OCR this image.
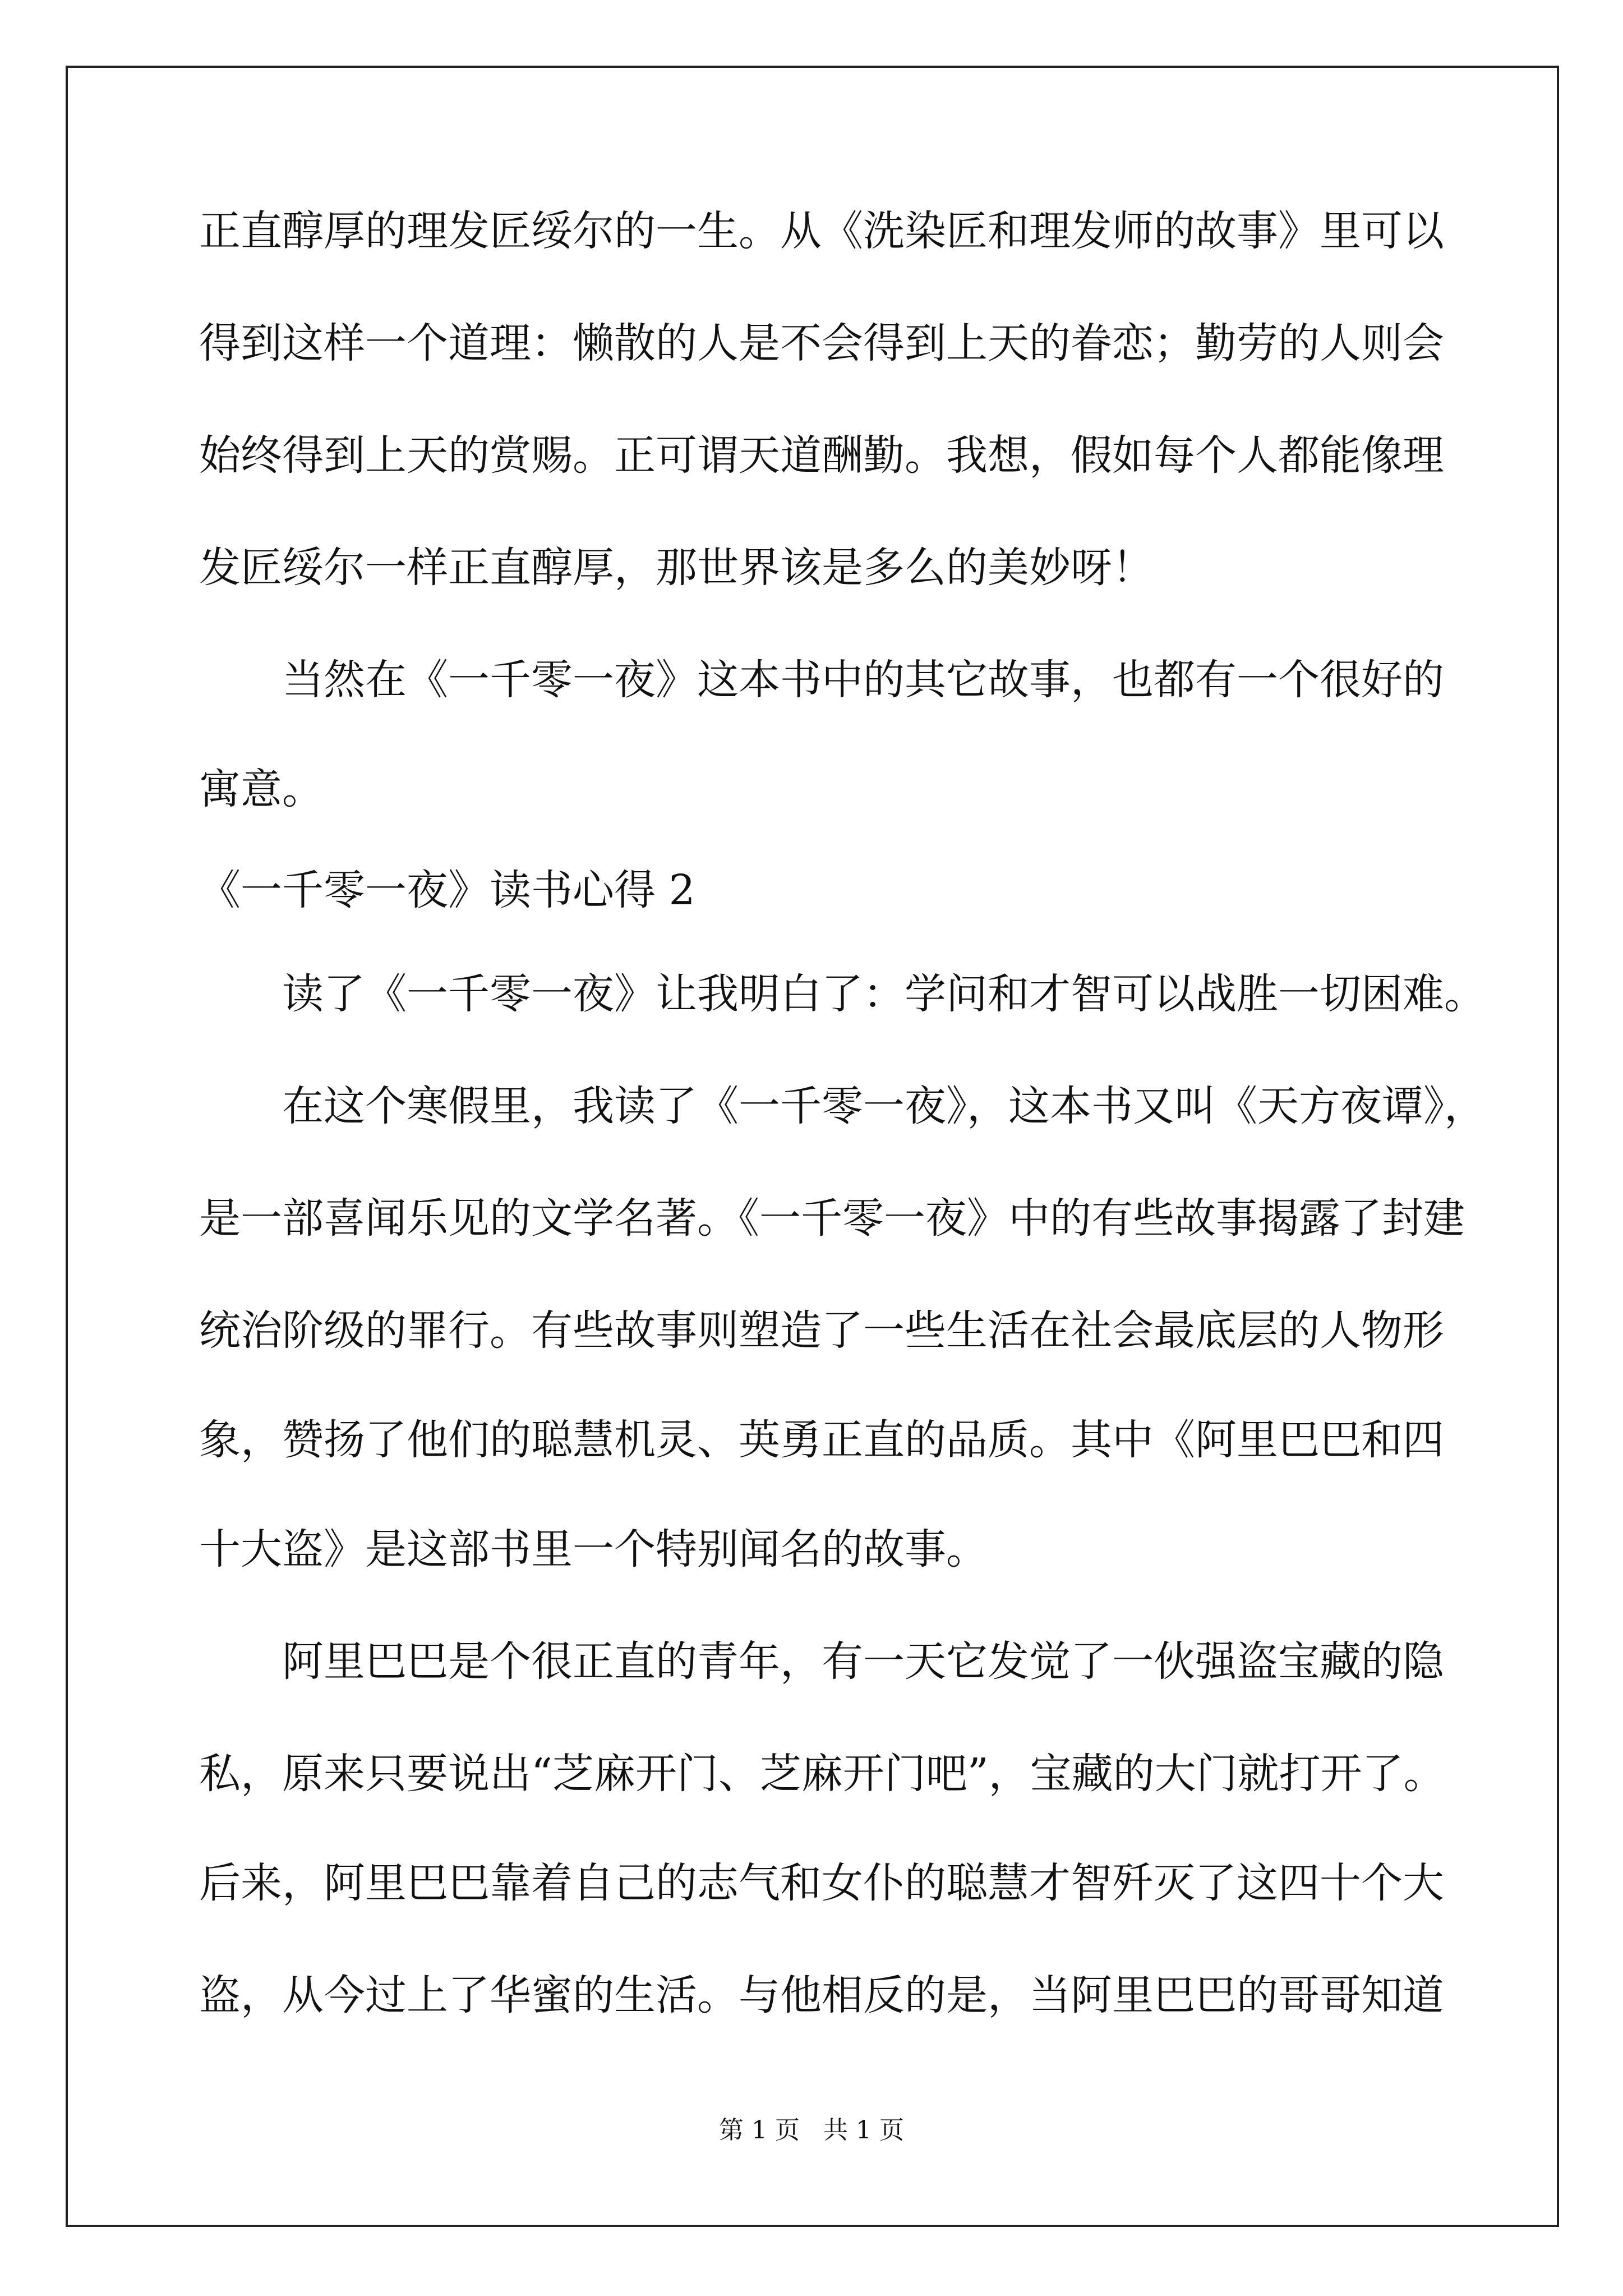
正直醇厚的理发匠绥尔的一生。从《洗染匠和理发师的故事》里可以

得到这样一个道理：懒散的人是不会得到上天的眷恋；勤劳的人则会

始终得到上天的赏赐。正可谓天道酬勤。我想，假如每个人都能像理

发匠绥尔一样正直醇厚，那世界该是多么的美妙呀！

当然在《一千零一夜》这本书中的其它故事，也都有一个很好的

寓意。

《一千零一夜》读书心得 2

读了《一千零一夜》让我明白了：学问和才智可以战胜一切困难。

在这个寒假里，我读了《一千零一夜》，这本书又叫《天方夜谭》，

是一部喜闻乐见的文学名著。《一千零一夜》中的有些故事揭露了封建

统治阶级的罪行。有些故事则塑造了一些生活在社会最底层的人物形

象，赞扬了他们的聪慧机灵、英勇正直的品质。其中《阿里巴巴和四

十大盗》是这部书里一个特别闻名的故事。

阿里巴巴是个很正直的青年，有一天它发觉了一伙强盗宝藏的隐

私，原来只要说出“芝麻开门、芝麻开门吧”，宝藏的大门就打开了。

后来，阿里巴巴靠着自己的志气和女仆的聪慧才智歼灭了这四十个大

盗，从今过上了华蜜的生活。与他相反的是，当阿里巴巴的哥哥知道

第 1 页   共 1 页
